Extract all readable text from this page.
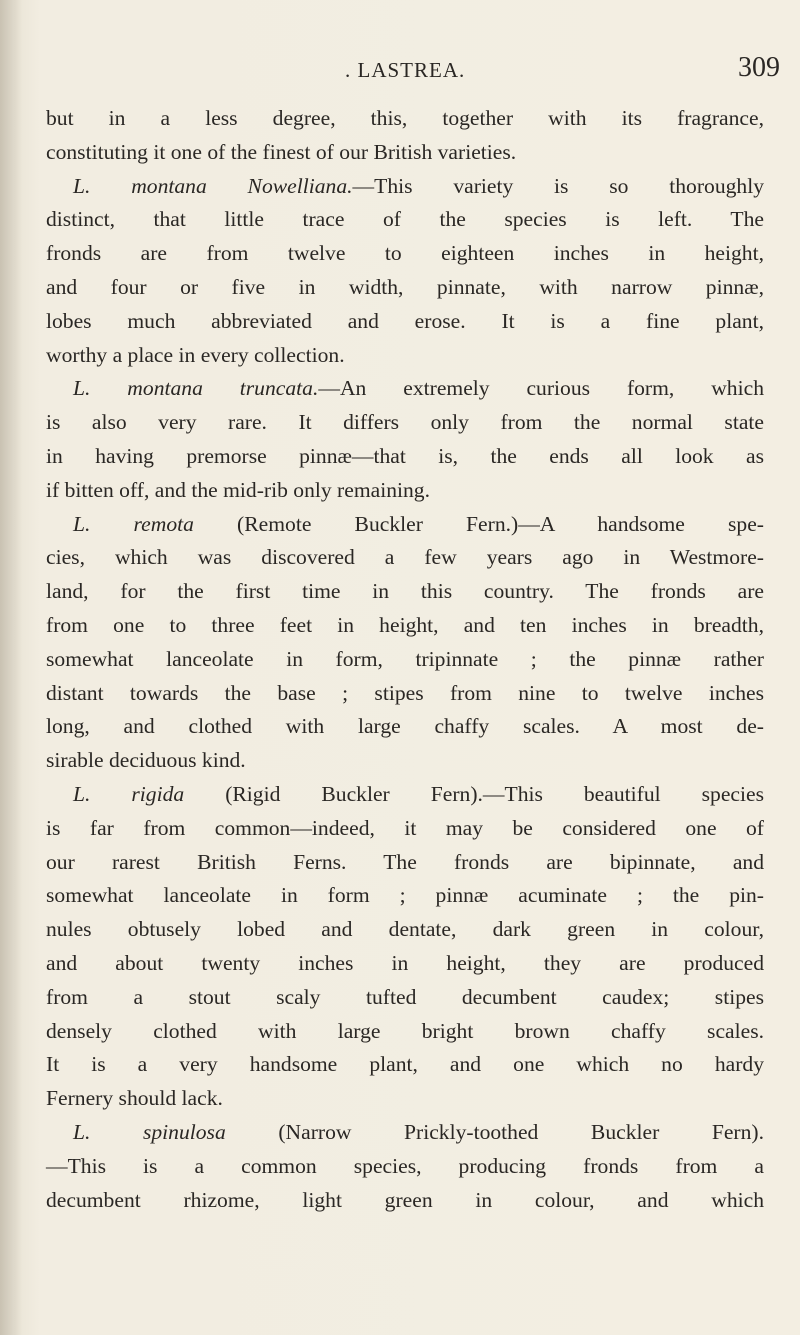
. LASTREA.	309
but in a less degree, this, together with its fragrance,
constituting it one of the finest of our British varieties.
L. montana Nowelliana.—This variety is so thoroughly
distinct, that little trace of the species is left. The
fronds are from twelve to eighteen inches in height,
and four or five in width, pinnate, with narrow pinnæ,
lobes much abbreviated and erose. It is a fine plant,
worthy a place in every collection.
L. montana truncata.—An extremely curious form, which
is also very rare. It differs only from the normal state
in having premorse pinnæ—that is, the ends all look as
if bitten off, and the mid-rib only remaining.
L. remota (Remote Buckler Fern.)—A handsome spe-
cies, which was discovered a few years ago in Westmore-
land, for the first time in this country. The fronds are
from one to three feet in height, and ten inches in breadth,
somewhat lanceolate in form, tripinnate ; the pinnæ rather
distant towards the base ; stipes from nine to twelve inches
long, and clothed with large chaffy scales. A most de-
sirable deciduous kind.
L. rigida (Rigid Buckler Fern).—This beautiful species
is far from common—indeed, it may be considered one of
our rarest British Ferns. The fronds are bipinnate, and
somewhat lanceolate in form ; pinnæ acuminate ; the pin-
nules obtusely lobed and dentate, dark green in colour,
and about twenty inches in height, they are produced
from a stout scaly tufted decumbent caudex; stipes
densely clothed with large bright brown chaffy scales.
It is a very handsome plant, and one which no hardy
Fernery should lack.
L. spinulosa (Narrow Prickly-toothed Buckler Fern).
—This is a common species, producing fronds from a
decumbent rhizome, light green in colour, and which
